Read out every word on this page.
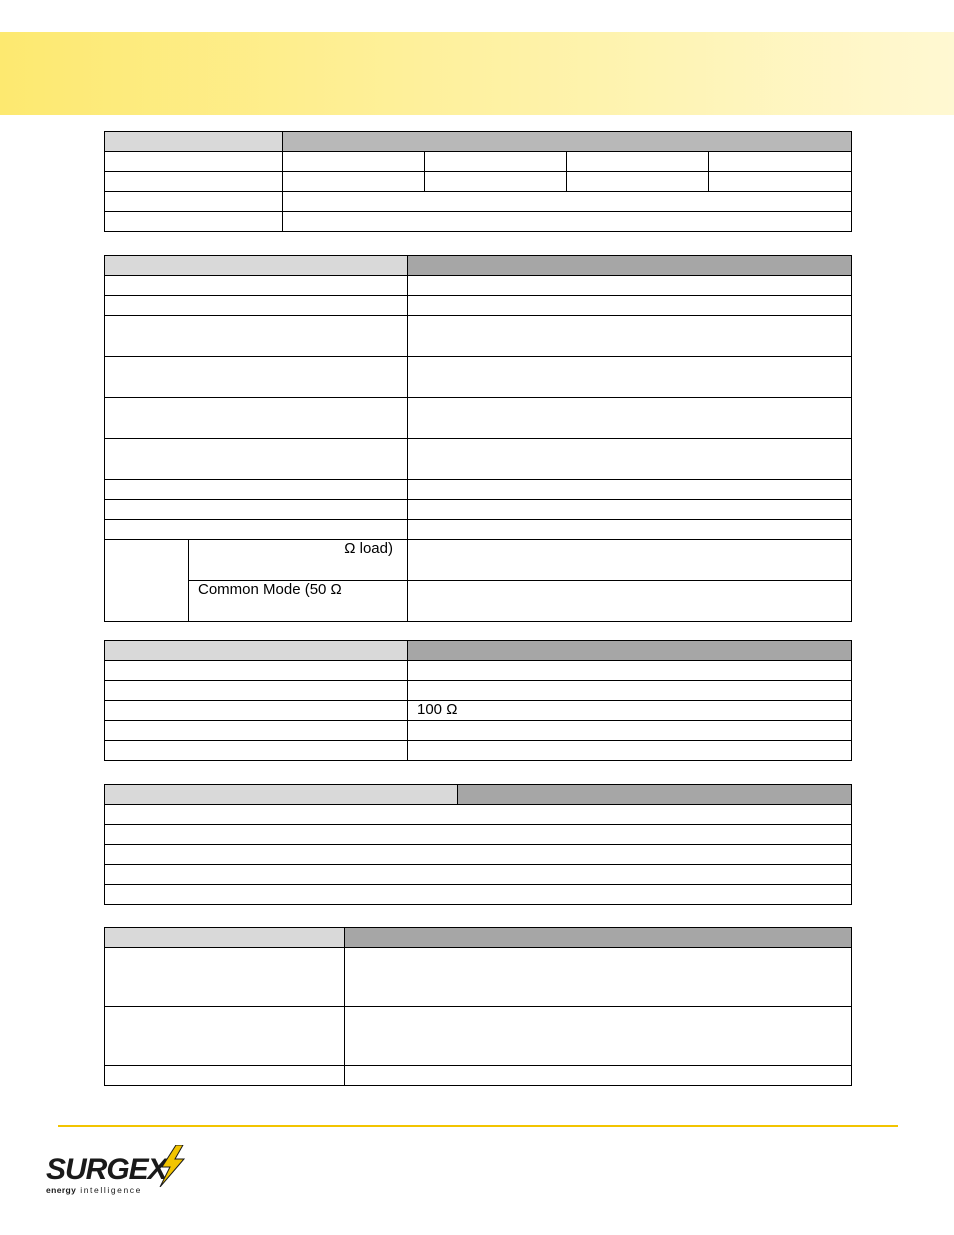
	Ω load)	
	Common Mode (50 Ω	

	100 Ω

SURGEX
energy intelligence
